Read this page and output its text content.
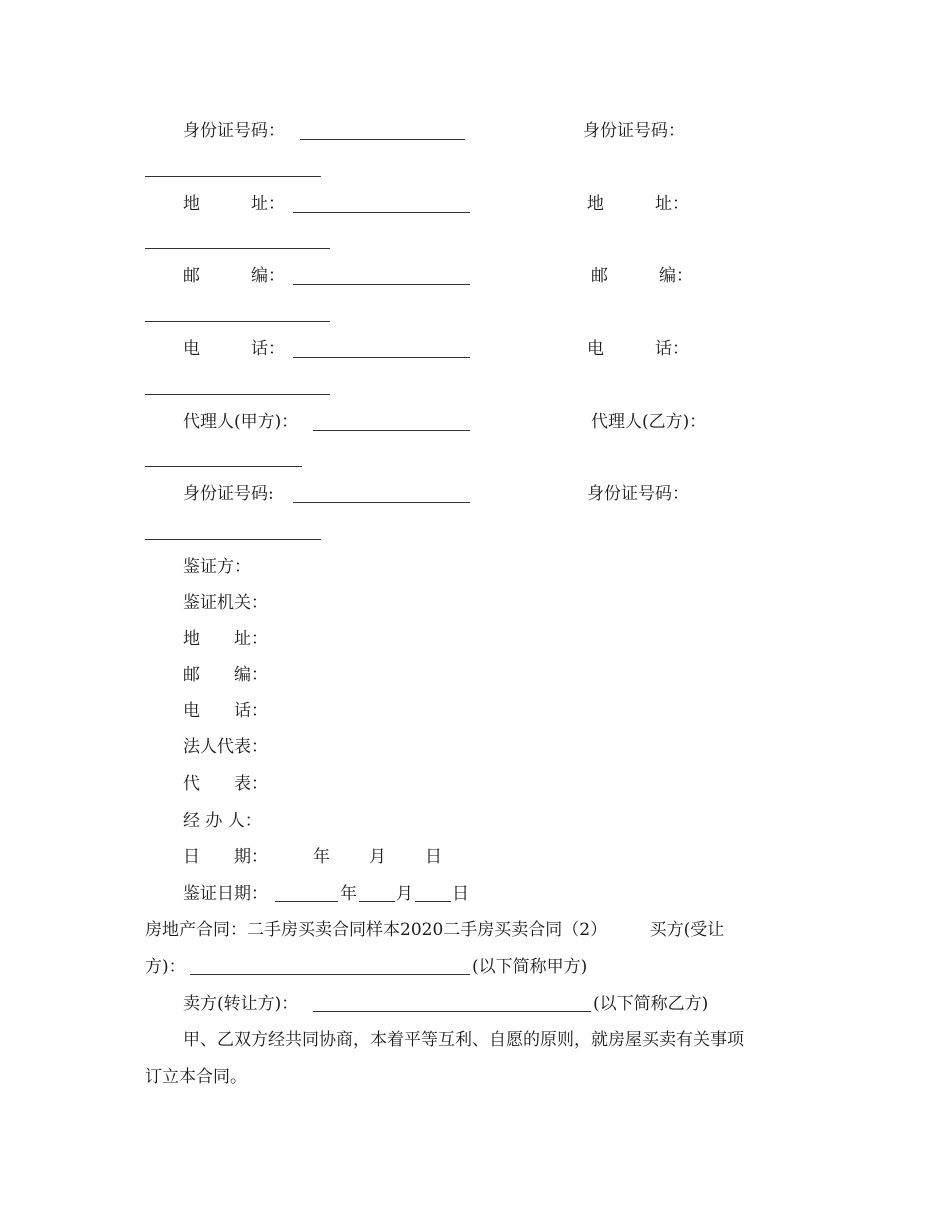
身份证号码：	身份证号码：
地　　　址：	地　　　址：
邮　　　编：	邮　　　编：
电　　　话：	电　　　话：
代理人(甲方)：	代理人(乙方)：
身份证号码:	身份证号码：
鉴证方：
鉴证机关：
地　　址：
邮　　编：
电　　话：
法人代表：
代　　表：
经 办 人：
日　　期：	年 月 日
鉴证日期：	年 月 日
房地产合同：二手房买卖合同样本2020二手房买卖合同（2）　　　买方(受让
方)：	(以下简称甲方)
卖方(转让方)：	(以下简称乙方)
甲、乙双方经共同协商，本着平等互利、自愿的原则，就房屋买卖有关事项
订立本合同。
